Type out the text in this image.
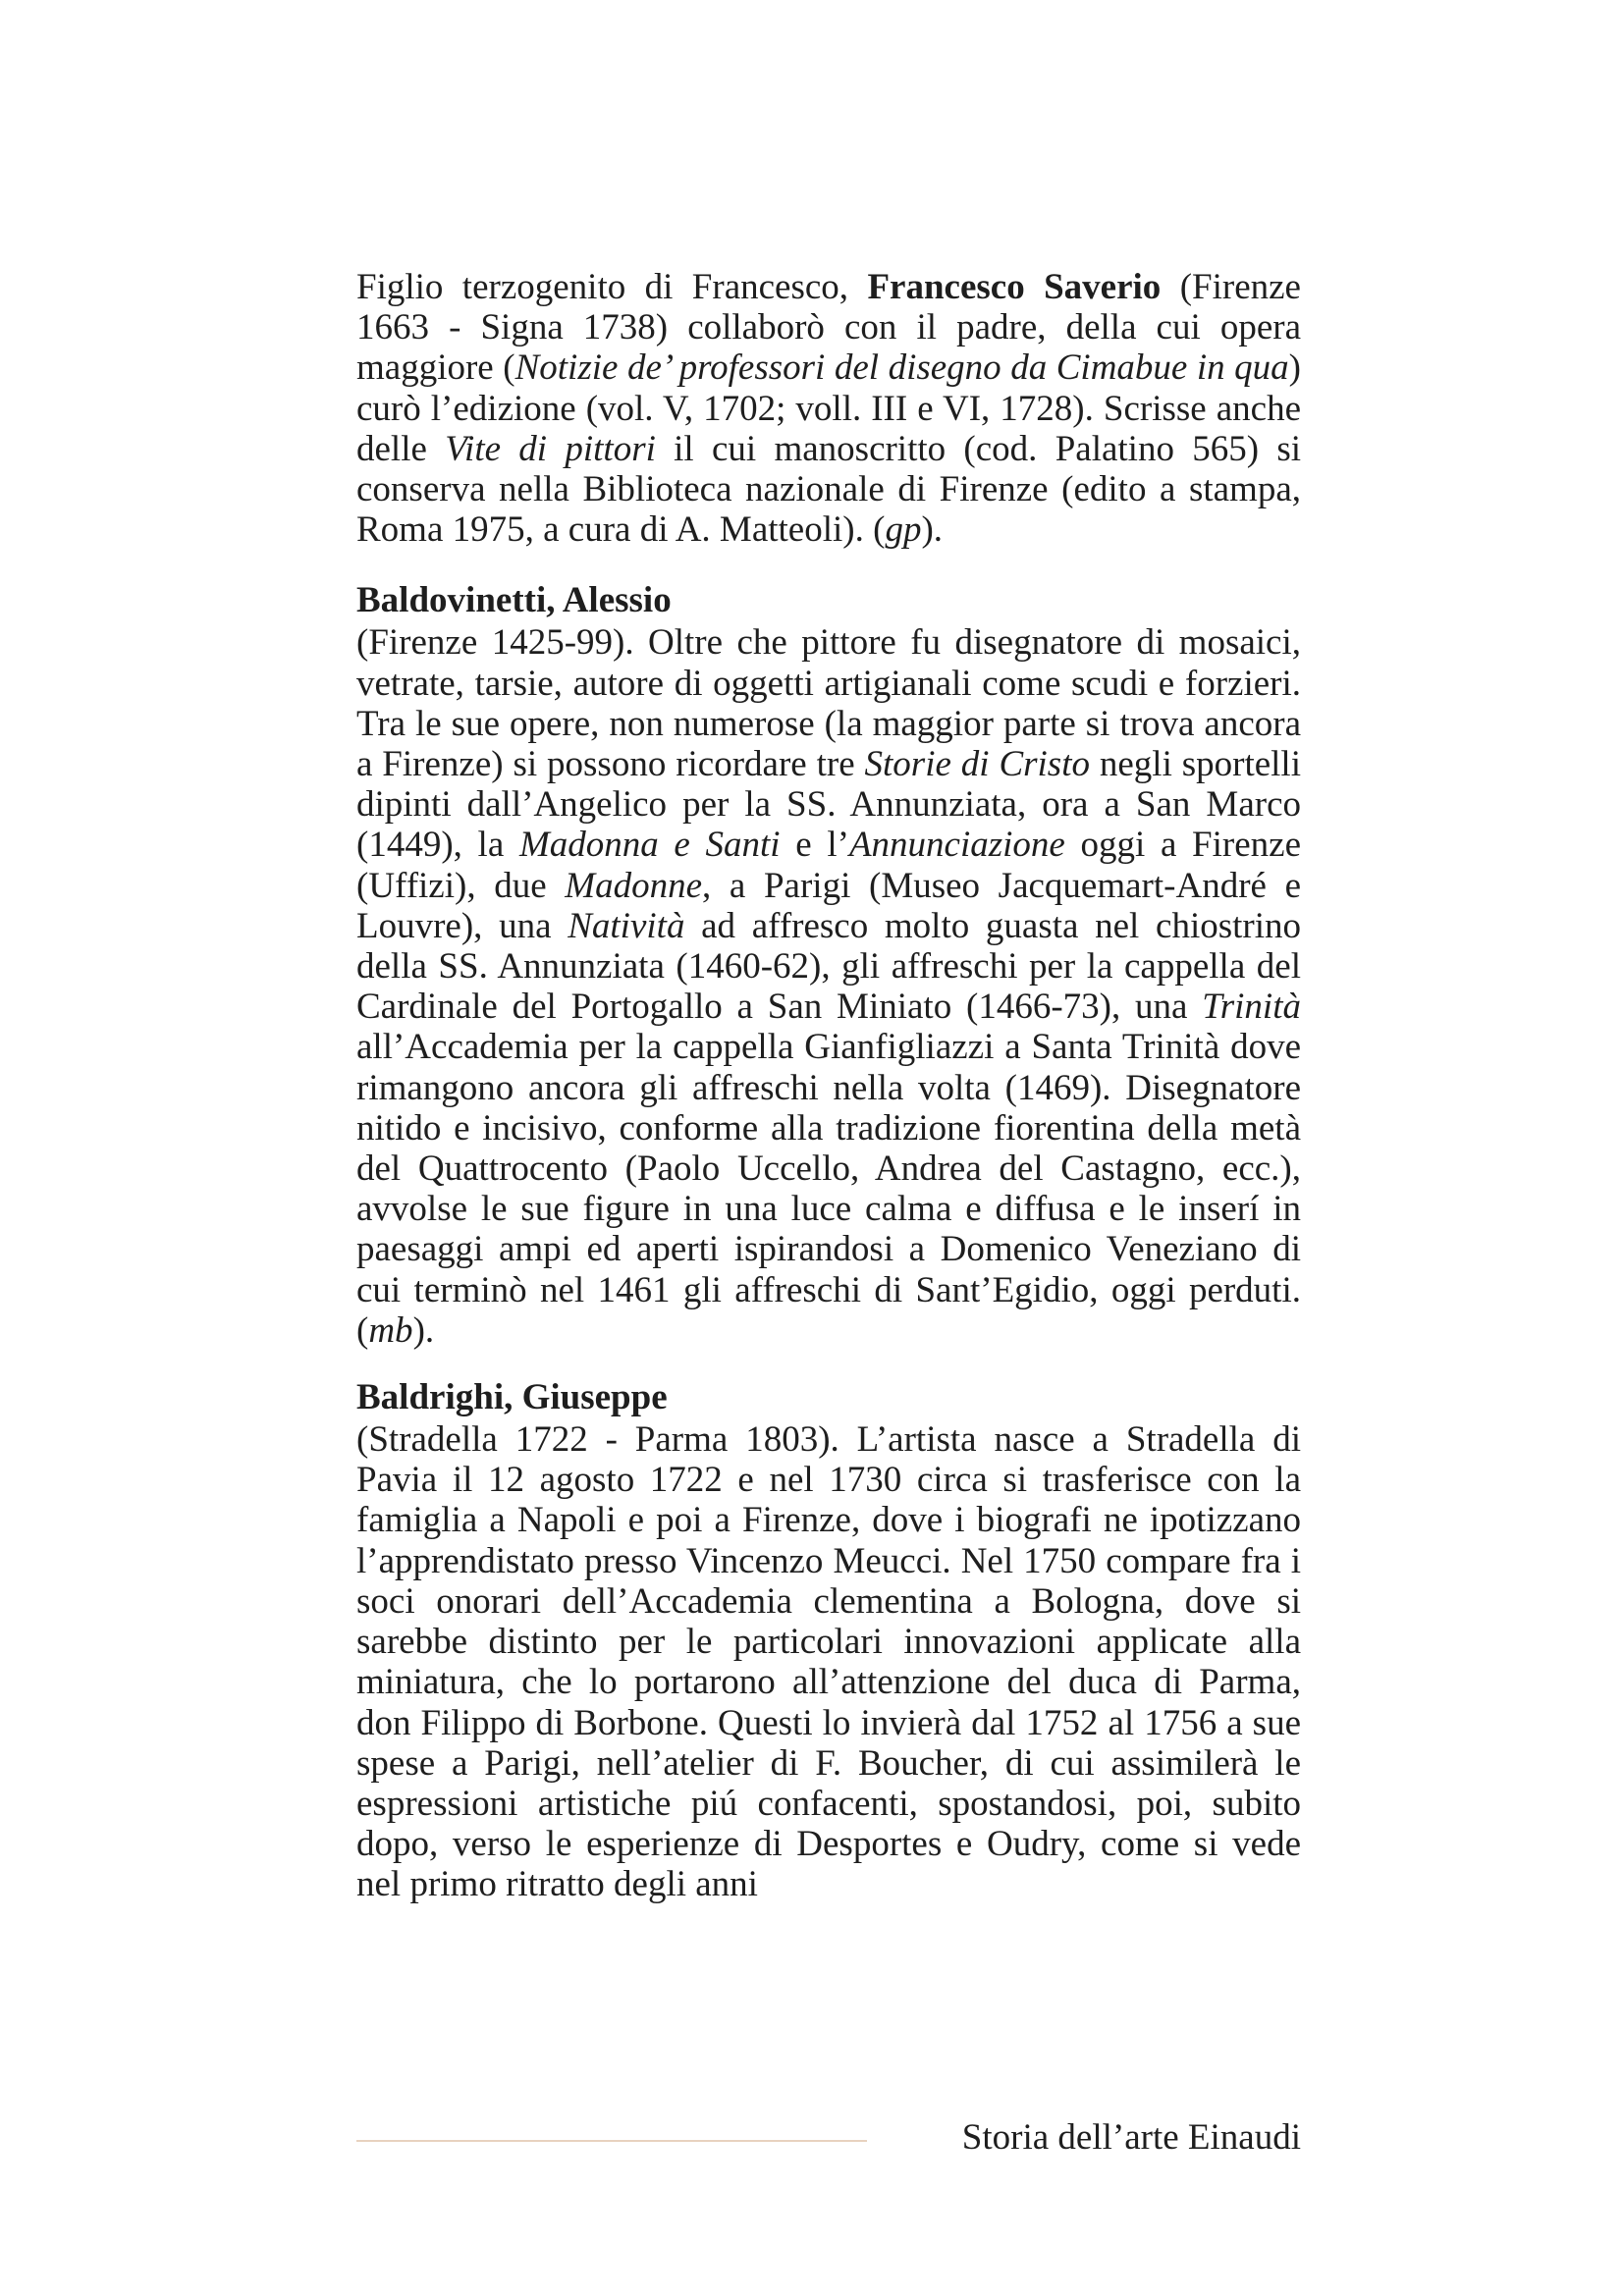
Figlio terzogenito di Francesco, Francesco Saverio (Firenze 1663 - Signa 1738) collaborò con il padre, della cui opera maggiore (Notizie de’ professori del disegno da Cimabue in qua) curò l’edizione (vol. V, 1702; voll. III e VI, 1728). Scrisse anche delle Vite di pittori il cui manoscritto (cod. Palatino 565) si conserva nella Biblioteca nazionale di Firenze (edito a stampa, Roma 1975, a cura di A. Matteoli). (gp).

Baldovinetti, Alessio

(Firenze 1425-99). Oltre che pittore fu disegnatore di mosaici, vetrate, tarsie, autore di oggetti artigianali come scudi e forzieri. Tra le sue opere, non numerose (la maggior parte si trova ancora a Firenze) si possono ricordare tre Storie di Cristo negli sportelli dipinti dall’Angelico per la SS. Annunziata, ora a San Marco (1449), la Madonna e Santi e l’Annunciazione oggi a Firenze (Uffizi), due Madonne, a Parigi (Museo Jacquemart-André e Louvre), una Natività ad affresco molto guasta nel chiostrino della SS. Annunziata (1460-62), gli affreschi per la cappella del Cardinale del Portogallo a San Miniato (1466-73), una Trinità all’Accademia per la cappella Gianfigliazzi a Santa Trinità dove rimangono ancora gli affreschi nella volta (1469). Disegnatore nitido e incisivo, conforme alla tradizione fiorentina della metà del Quattrocento (Paolo Uccello, Andrea del Castagno, ecc.), avvolse le sue figure in una luce calma e diffusa e le inserí in paesaggi ampi ed aperti ispirandosi a Domenico Veneziano di cui terminò nel 1461 gli affreschi di Sant’Egidio, oggi perduti. (mb).

Baldrighi, Giuseppe

(Stradella 1722 - Parma 1803). L’artista nasce a Stradella di Pavia il 12 agosto 1722 e nel 1730 circa si trasferisce con la famiglia a Napoli e poi a Firenze, dove i biografi ne ipotizzano l’apprendistato presso Vincenzo Meucci. Nel 1750 compare fra i soci onorari dell’Accademia clementina a Bologna, dove si sarebbe distinto per le particolari innovazioni applicate alla miniatura, che lo portarono all’attenzione del duca di Parma, don Filippo di Borbone. Questi lo invierà dal 1752 al 1756 a sue spese a Parigi, nell’atelier di F. Boucher, di cui assimilerà le espressioni artistiche piú confacenti, spostandosi, poi, subito dopo, verso le esperienze di Desportes e Oudry, come si vede nel primo ritratto degli anni

Storia dell’arte Einaudi
